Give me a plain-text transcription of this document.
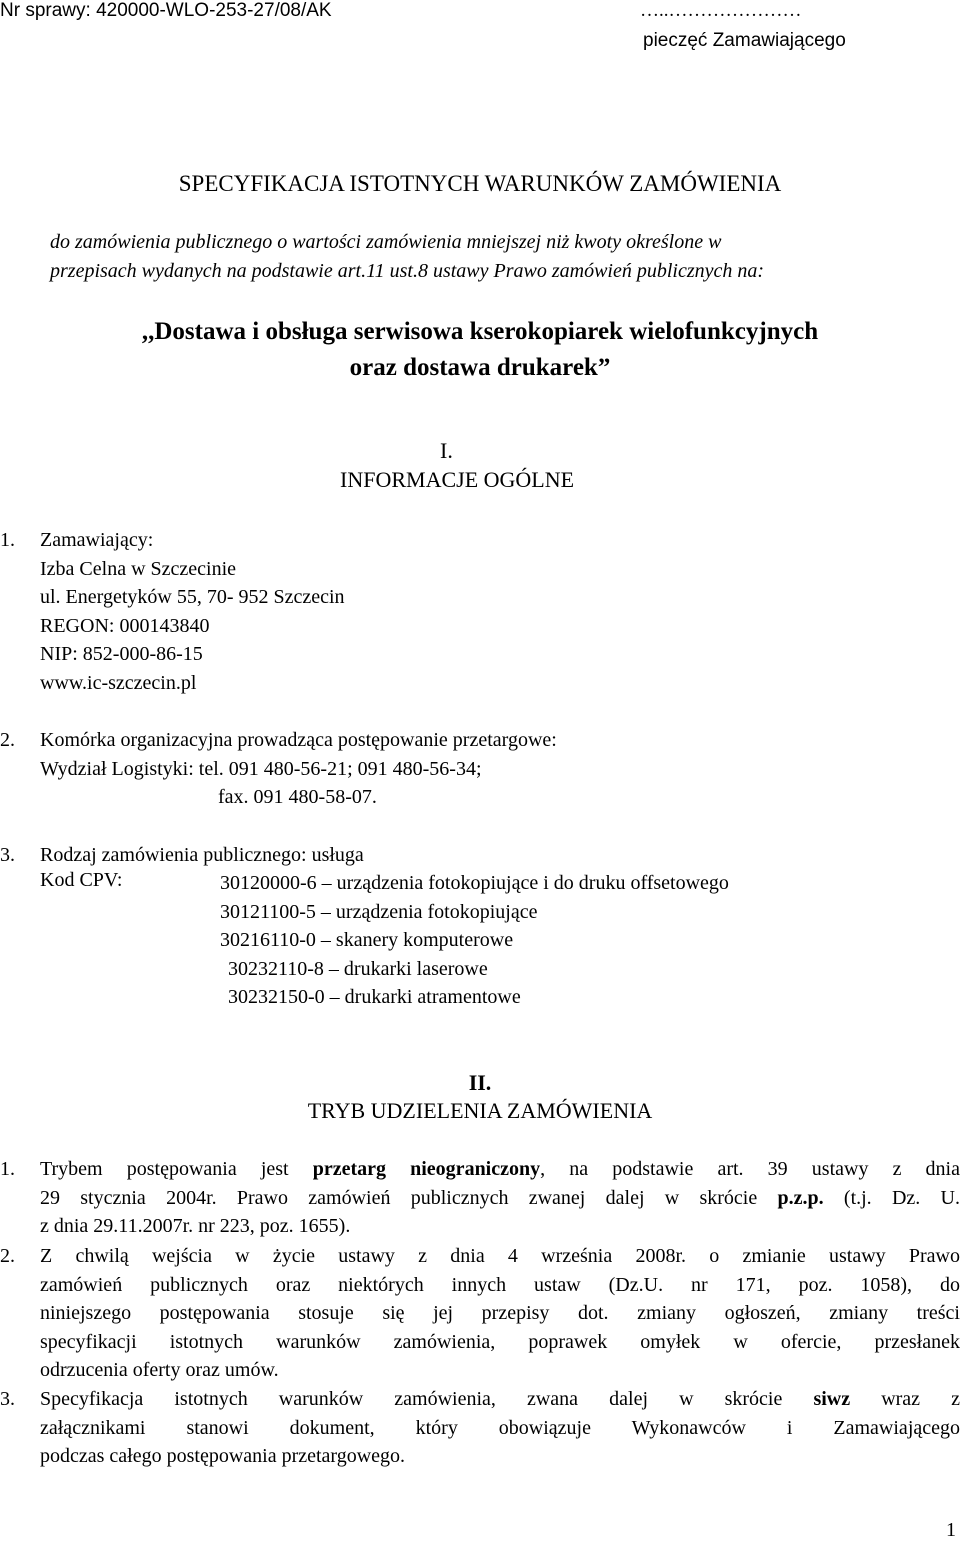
Nr sprawy: 420000-WLO-253-27/08/AK	…..…………………
pieczęć Zamawiającego
SPECYFIKACJA ISTOTNYCH WARUNKÓW ZAMÓWIENIA
do zamówienia publicznego o wartości zamówienia mniejszej niż kwoty określone w
przepisach wydanych na podstawie art.11 ust.8 ustawy Prawo zamówień publicznych na:
,,Dostawa i obsługa serwisowa kserokopiarek wielofunkcyjnych
oraz dostawa drukarek”
I.
INFORMACJE OGÓLNE
1. Zamawiający:
Izba Celna w Szczecinie
ul. Energetyków 55, 70- 952 Szczecin
REGON: 000143840
NIP: 852-000-86-15
www.ic-szczecin.pl
2. Komórka organizacyjna prowadząca postępowanie przetargowe:
Wydział Logistyki: tel. 091 480-56-21; 091 480-56-34;
fax. 091 480-58-07.
3. Rodzaj zamówienia publicznego: usługa
Kod CPV:	30120000-6 – urządzenia fotokopiujące i do druku offsetowego
30121100-5 – urządzenia fotokopiujące
30216110-0 – skanery komputerowe
30232110-8 – drukarki laserowe
30232150-0 – drukarki atramentowe
II.
TRYB UDZIELENIA ZAMÓWIENIA
1. Trybem postępowania jest przetarg nieograniczony, na podstawie art. 39 ustawy z dnia
29 stycznia 2004r. Prawo zamówień publicznych zwanej dalej w skrócie p.z.p. (t.j. Dz. U.
z dnia 29.11.2007r. nr 223, poz. 1655).
2. Z chwilą wejścia w życie ustawy z dnia 4 września 2008r. o zmianie ustawy Prawo
zamówień publicznych oraz niektórych innych ustaw (Dz.U. nr 171, poz. 1058), do
niniejszego postępowania stosuje się jej przepisy dot. zmiany ogłoszeń, zmiany treści
specyfikacji istotnych warunków zamówienia, poprawek omyłek w ofercie, przesłanek
odrzucenia oferty oraz umów.
3. Specyfikacja istotnych warunków zamówienia, zwana dalej w skrócie siwz wraz z
załącznikami stanowi dokument, który obowiązuje Wykonawców i Zamawiającego
podczas całego postępowania przetargowego.
1
